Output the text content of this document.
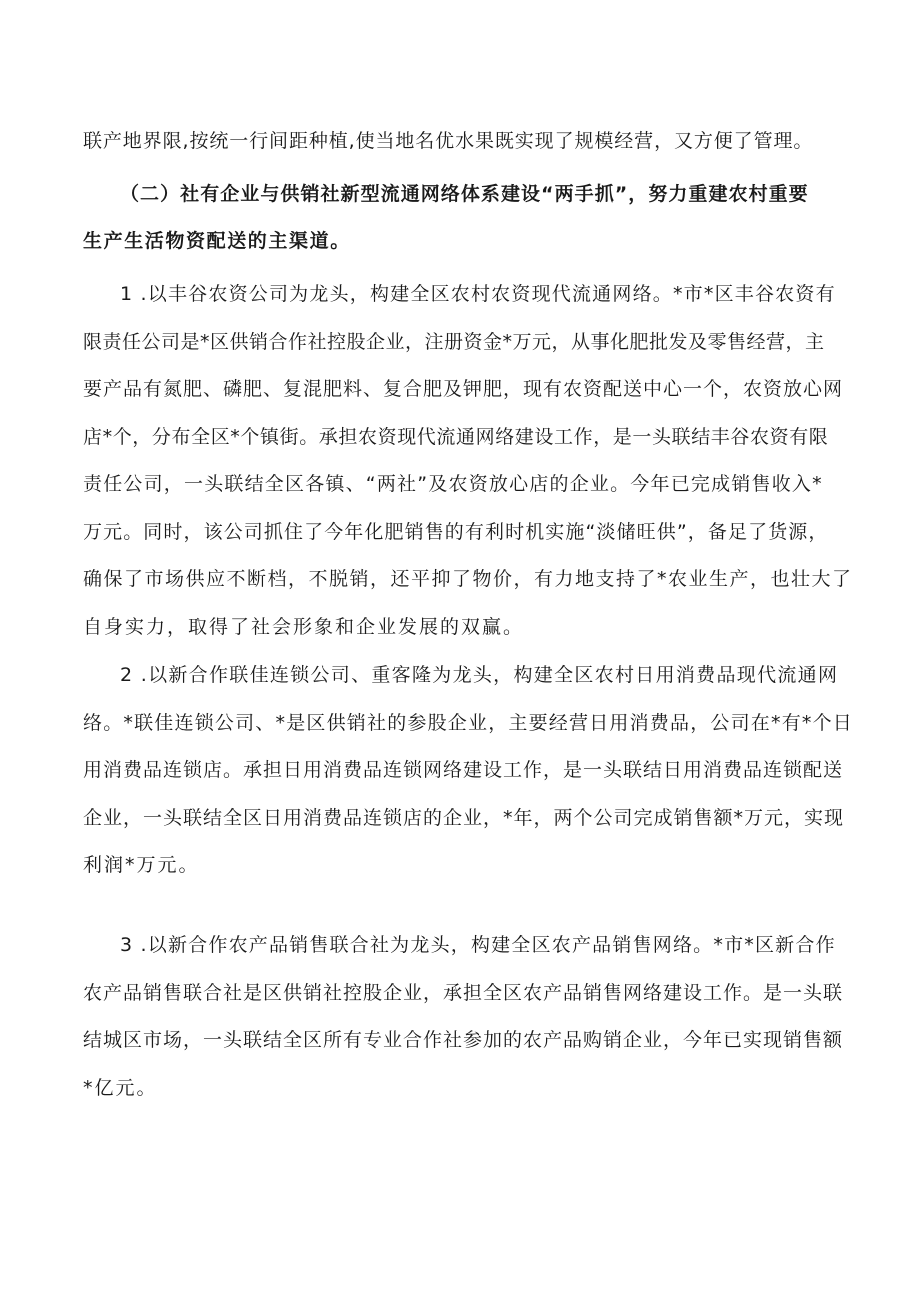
联产地界限,按统一行间距种植,使当地名优水果既实现了规模经营，又方便了管理。
（二）社有企业与供销社新型流通网络体系建设“两手抓”，努力重建农村重要
生产生活物资配送的主渠道。
1 .以丰谷农资公司为龙头，构建全区农村农资现代流通网络。*市*区丰谷农资有
限责任公司是*区供销合作社控股企业，注册资金*万元，从事化肥批发及零售经营，主
要产品有氮肥、磷肥、复混肥料、复合肥及钾肥，现有农资配送中心一个，农资放心网
店*个，分布全区*个镇街。承担农资现代流通网络建设工作，是一头联结丰谷农资有限
责任公司，一头联结全区各镇、“两社”及农资放心店的企业。今年已完成销售收入*
万元。同时，该公司抓住了今年化肥销售的有利时机实施“淡储旺供”，备足了货源，
确保了市场供应不断档，不脱销，还平抑了物价，有力地支持了*农业生产，也壮大了
自身实力，取得了社会形象和企业发展的双赢。
2 .以新合作联佳连锁公司、重客隆为龙头，构建全区农村日用消费品现代流通网
络。*联佳连锁公司、*是区供销社的参股企业，主要经营日用消费品，公司在*有*个日
用消费品连锁店。承担日用消费品连锁网络建设工作，是一头联结日用消费品连锁配送
企业，一头联结全区日用消费品连锁店的企业，*年，两个公司完成销售额*万元，实现
利润*万元。
3 .以新合作农产品销售联合社为龙头，构建全区农产品销售网络。*市*区新合作
农产品销售联合社是区供销社控股企业，承担全区农产品销售网络建设工作。是一头联
结城区市场，一头联结全区所有专业合作社参加的农产品购销企业，今年已实现销售额
*亿元。
